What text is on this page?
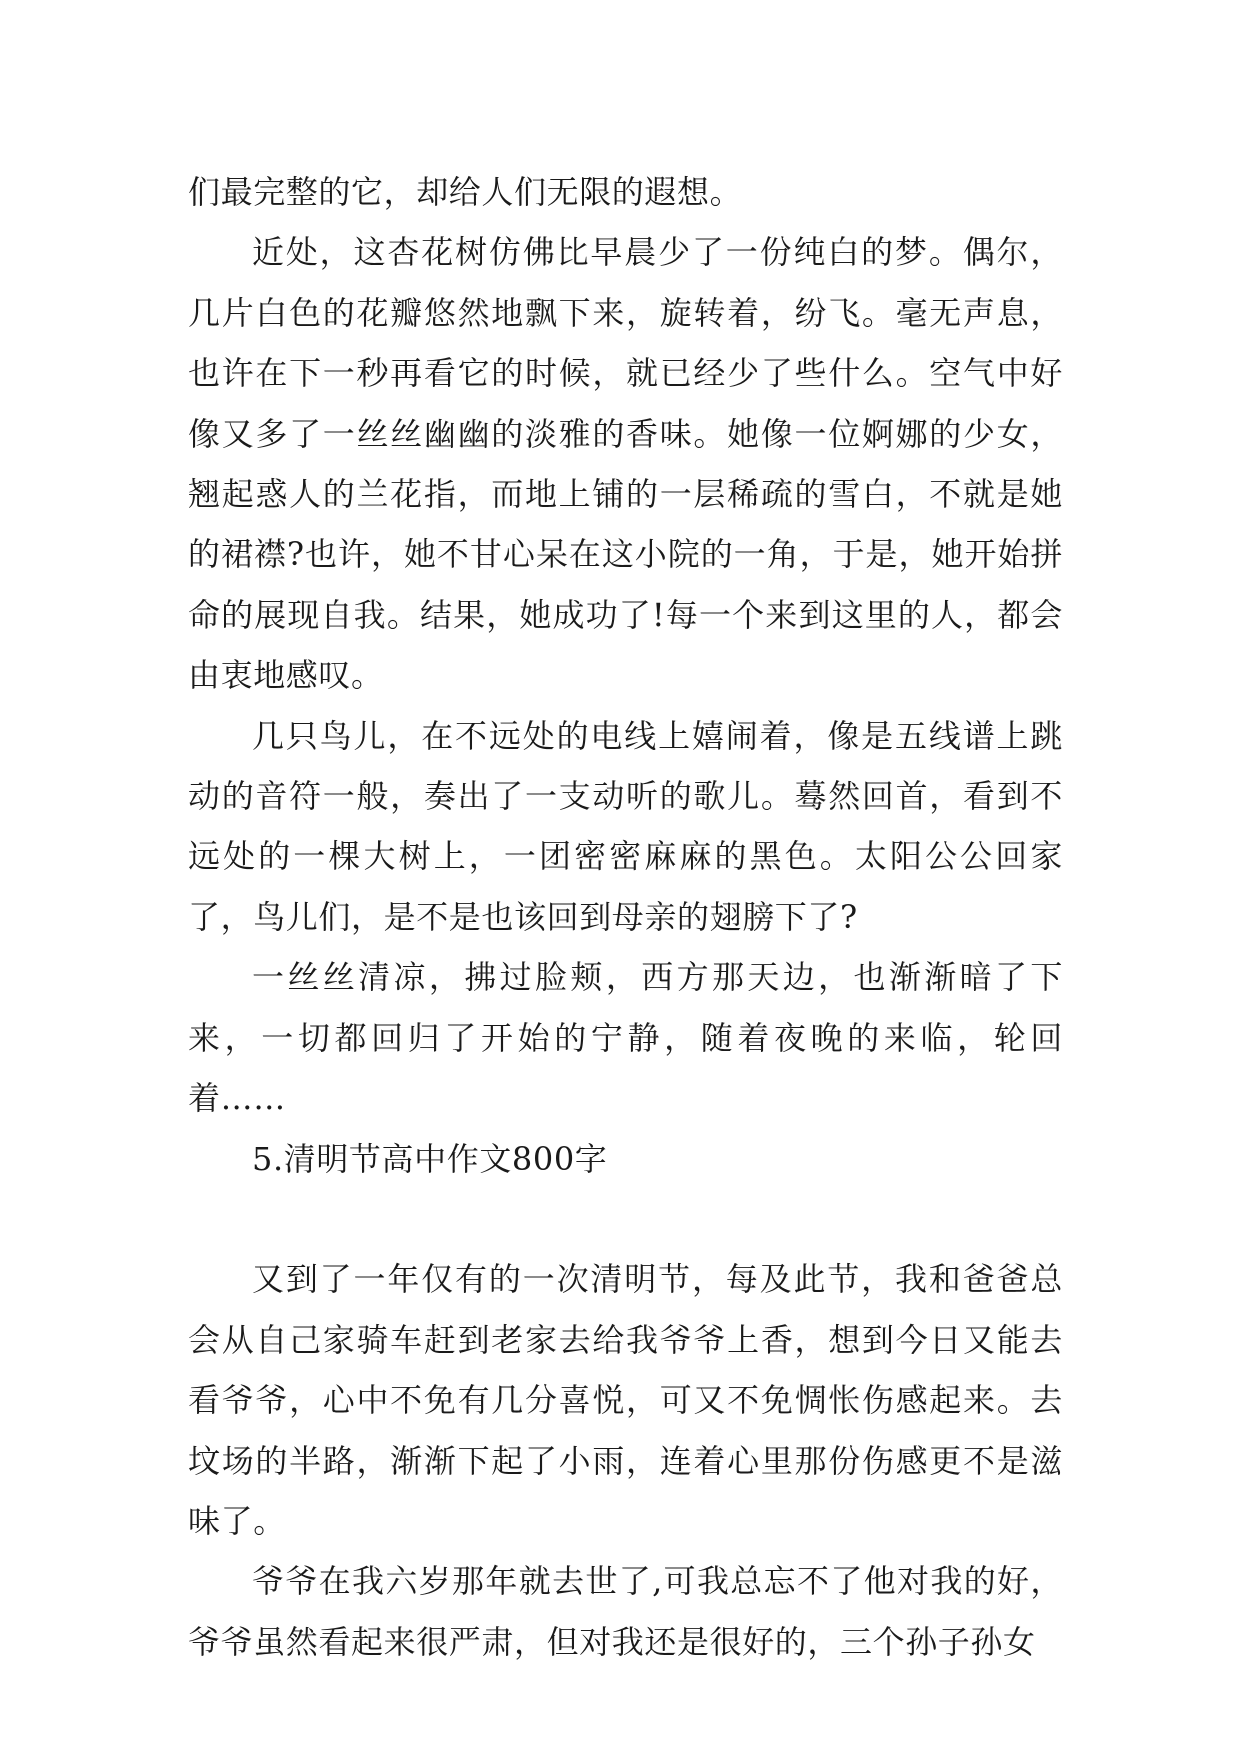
们最完整的它，却给人们无限的遐想。

近处，这杏花树仿佛比早晨少了一份纯白的梦。偶尔，几片白色的花瓣悠然地飘下来，旋转着，纷飞。毫无声息，也许在下一秒再看它的时候，就已经少了些什么。空气中好像又多了一丝丝幽幽的淡雅的香味。她像一位婀娜的少女，翘起惑人的兰花指，而地上铺的一层稀疏的雪白，不就是她的裙襟?也许，她不甘心呆在这小院的一角，于是，她开始拼命的展现自我。结果，她成功了!每一个来到这里的人，都会由衷地感叹。

几只鸟儿，在不远处的电线上嬉闹着，像是五线谱上跳动的音符一般，奏出了一支动听的歌儿。蓦然回首，看到不远处的一棵大树上，一团密密麻麻的黑色。太阳公公回家了，鸟儿们，是不是也该回到母亲的翅膀下了?

一丝丝清凉，拂过脸颊，西方那天边，也渐渐暗了下来，一切都回归了开始的宁静，随着夜晚的来临，轮回着……

5.清明节高中作文800字

又到了一年仅有的一次清明节，每及此节，我和爸爸总会从自己家骑车赶到老家去给我爷爷上香，想到今日又能去看爷爷，心中不免有几分喜悦，可又不免惆怅伤感起来。去坟场的半路，渐渐下起了小雨，连着心里那份伤感更不是滋味了。

爷爷在我六岁那年就去世了,可我总忘不了他对我的好，爷爷虽然看起来很严肃，但对我还是很好的，三个孙子孙女
